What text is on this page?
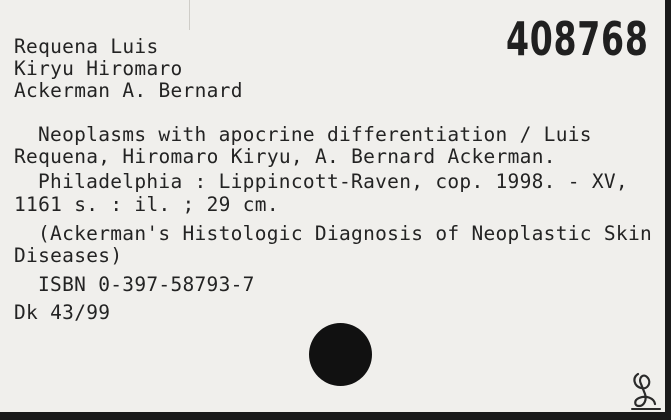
Requena Luis

Kiryu Hiromaro

Ackerman A. Bernard

408768

Neoplasms with apocrine differentiation / Luis

Requena, Hiromaro Kiryu, A. Bernard Ackerman.

Philadelphia : Lippincott-Raven, cop. 1998. - XV,

1161 s. : il. ; 29 cm.

(Ackerman's Histologic Diagnosis of Neoplastic Skin

Diseases)

ISBN 0-397-58793-7

Dk 43/99
